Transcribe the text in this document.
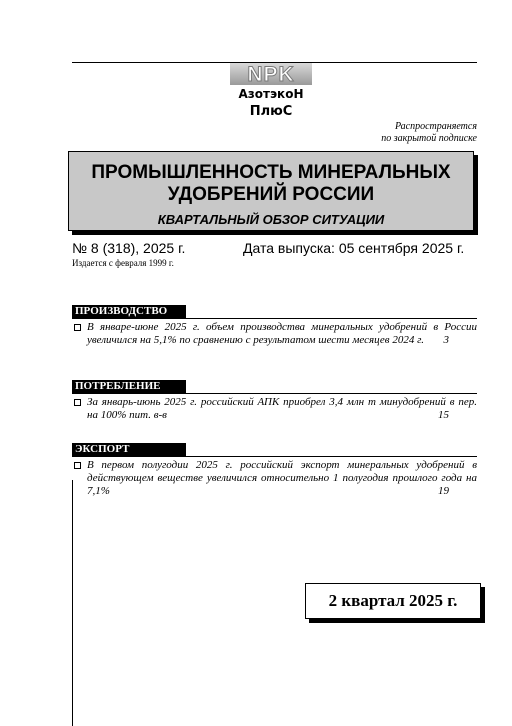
NPK
АзотэкоН
ПлюС
Распространяется
по закрытой подписке
ПРОМЫШЛЕННОСТЬ МИНЕРАЛЬНЫХ
УДОБРЕНИЙ РОССИИ
КВАРТАЛЬНЫЙ ОБЗОР СИТУАЦИИ
№ 8 (318), 2025 г.	Дата выпуска: 05 сентября 2025 г.
Издается с февраля 1999 г.
ПРОИЗВОДСТВО
В январе-июне 2025 г. объем производства минеральных удобрений в России увеличился на 5,1% по сравнению с результатом шести месяцев 2024 г.	3
ПОТРЕБЛЕНИЕ
За январь-июнь 2025 г. российский АПК приобрел 3,4 млн т минудобрений в пер. на 100% пит. в-в	15
ЭКСПОРТ
В первом полугодии 2025 г. российский экспорт минеральных удобрений в действующем веществе увеличился относительно 1 полугодия прошлого года на 7,1%	19
2 квартал 2025 г.
